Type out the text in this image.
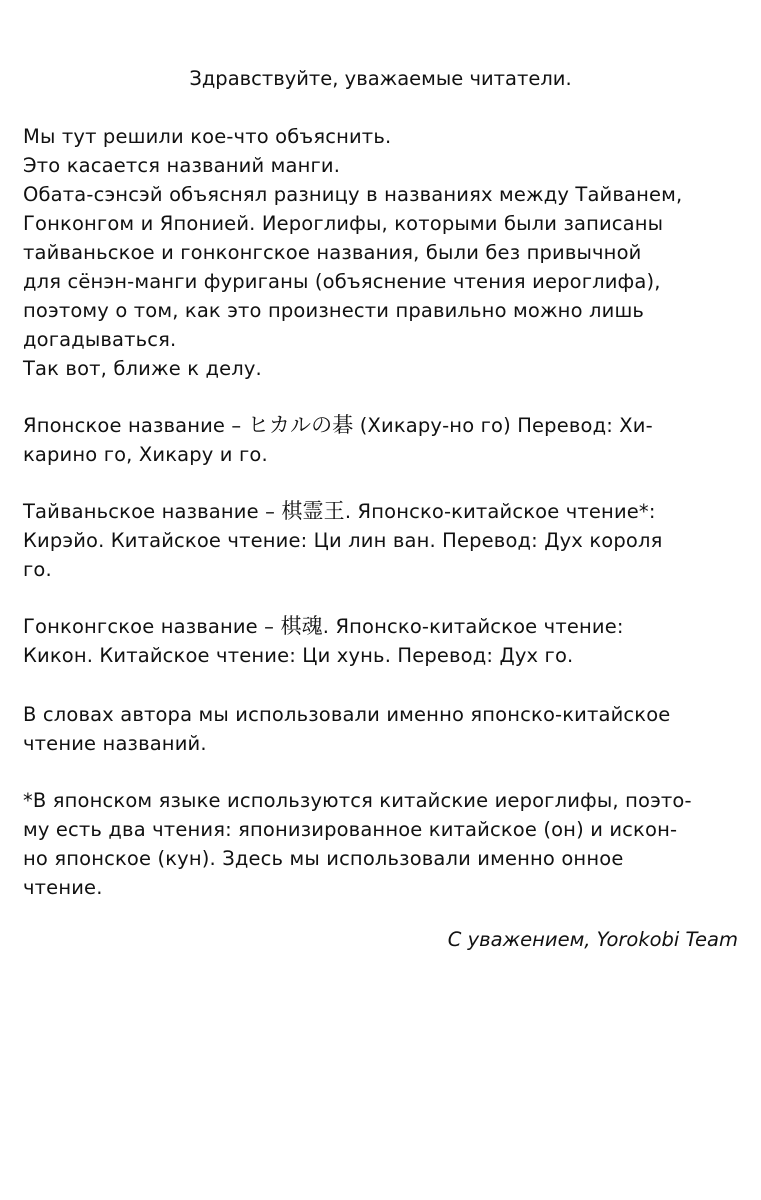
Здравствуйте, уважаемые читатели.
Мы тут решили кое-что объяснить.
Это касается названий манги.
Обата-сэнсэй объяснял разницу в названиях между Тайванем,
Гонконгом и Японией. Иероглифы, которыми были записаны
тайваньское и гонконгское названия, были без привычной
для сёнэн-манги фуриганы (объяснение чтения иероглифа),
поэтому о том, как это произнести правильно можно лишь
догадываться.
Так вот, ближе к делу.
Японское название – ヒカルの碁 (Хикару-но го) Перевод: Хи-
карино го, Хикару и го.
Тайваньское название – 棋霊王. Японско-китайское чтение*:
Кирэйо. Китайское чтение: Ци лин ван. Перевод: Дух короля
го.
Гонконгское название – 棋魂. Японско-китайское чтение:
Кикон. Китайское чтение: Ци хунь. Перевод: Дух го.
В словах автора мы использовали именно японско-китайское
чтение названий.
*В японском языке используются китайские иероглифы, поэто-
му есть два чтения: японизированное китайское (он) и искон-
но японское (кун). Здесь мы использовали именно онное
чтение.
С уважением, Yorokobi Team
